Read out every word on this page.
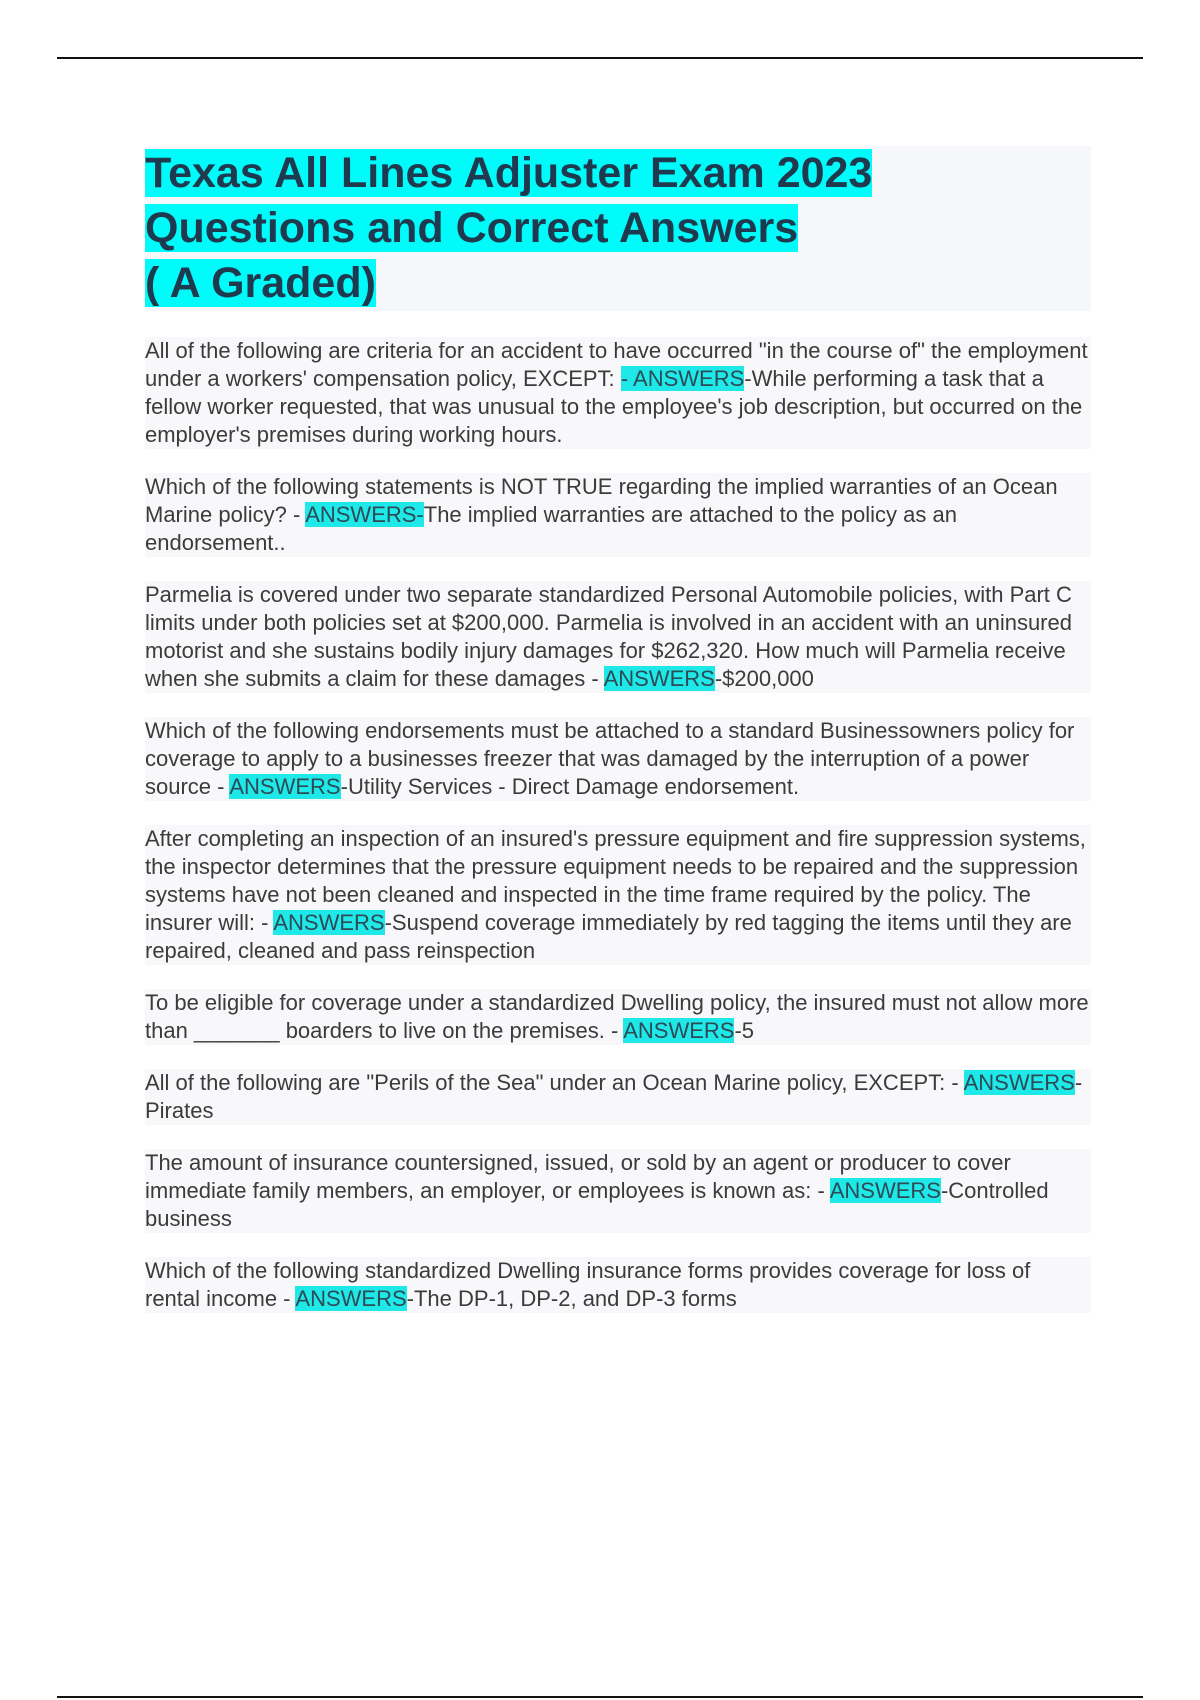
Texas All Lines Adjuster Exam 2023
Questions and Correct Answers
( A Graded)

All of the following are criteria for an accident to have occurred "in the course of" the employment under a workers' compensation policy, EXCEPT: - ANSWERS-While performing a task that a fellow worker requested, that was unusual to the employee's job description, but occurred on the employer's premises during working hours.

Which of the following statements is NOT TRUE regarding the implied warranties of an Ocean Marine policy? - ANSWERS-The implied warranties are attached to the policy as an endorsement..

Parmelia is covered under two separate standardized Personal Automobile policies, with Part C limits under both policies set at $200,000. Parmelia is involved in an accident with an uninsured motorist and she sustains bodily injury damages for $262,320. How much will Parmelia receive when she submits a claim for these damages - ANSWERS-$200,000

Which of the following endorsements must be attached to a standard Businessowners policy for coverage to apply to a businesses freezer that was damaged by the interruption of a power source - ANSWERS-Utility Services - Direct Damage endorsement.

After completing an inspection of an insured's pressure equipment and fire suppression systems, the inspector determines that the pressure equipment needs to be repaired and the suppression systems have not been cleaned and inspected in the time frame required by the policy. The insurer will: - ANSWERS-Suspend coverage immediately by red tagging the items until they are repaired, cleaned and pass reinspection

To be eligible for coverage under a standardized Dwelling policy, the insured must not allow more than _______ boarders to live on the premises. - ANSWERS-5

All of the following are "Perils of the Sea" under an Ocean Marine policy, EXCEPT: - ANSWERS-Pirates

The amount of insurance countersigned, issued, or sold by an agent or producer to cover immediate family members, an employer, or employees is known as: - ANSWERS-Controlled business

Which of the following standardized Dwelling insurance forms provides coverage for loss of rental income - ANSWERS-The DP-1, DP-2, and DP-3 forms
